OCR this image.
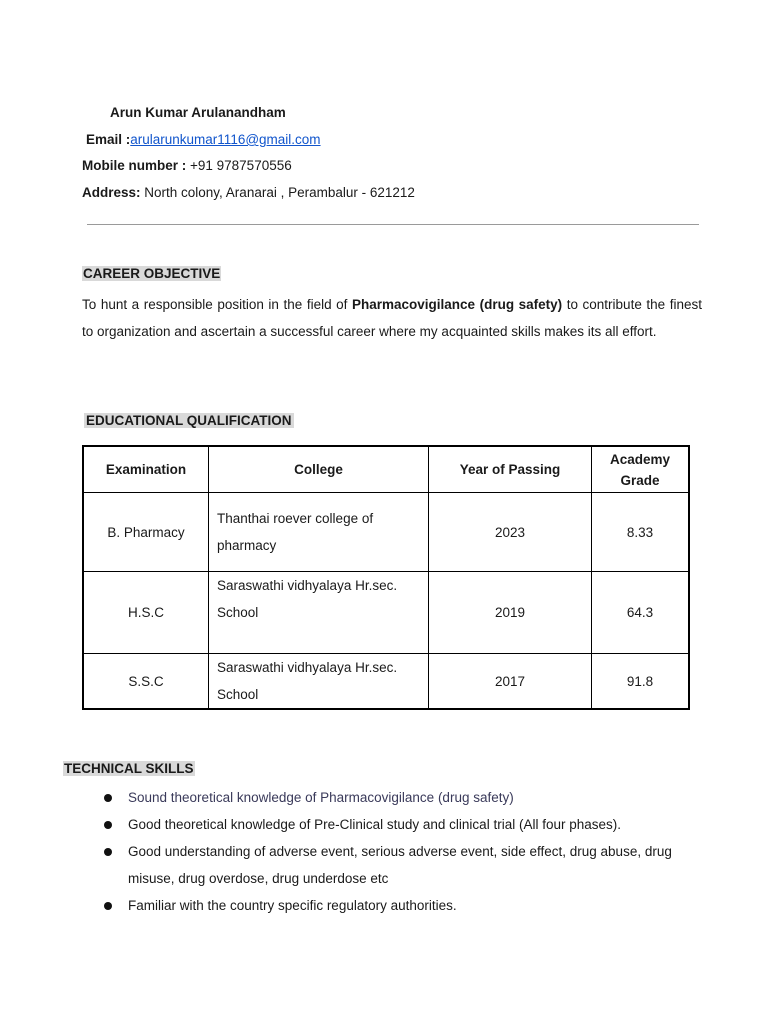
Arun Kumar Arulanandham
Email :arularunkumar1116@gmail.com
Mobile number : +91 9787570556
Address: North colony, Aranarai , Perambalur - 621212
CAREER OBJECTIVE
To hunt a responsible position in the field of Pharmacovigilance (drug safety) to contribute the finest to organization and ascertain a successful career where my acquainted skills makes its all effort.
EDUCATIONAL QUALIFICATION
Examination	College	Year of Passing	Academy Grade
B. Pharmacy	Thanthai roever college of pharmacy	2023	8.33
H.S.C	Saraswathi vidhyalaya Hr.sec. School	2019	64.3
S.S.C	Saraswathi vidhyalaya Hr.sec. School	2017	91.8
TECHNICAL SKILLS
Sound theoretical knowledge of Pharmacovigilance (drug safety)
Good theoretical knowledge of Pre-Clinical study and clinical trial (All four phases).
Good understanding of adverse event, serious adverse event, side effect, drug abuse, drug misuse, drug overdose, drug underdose etc
Familiar with the country specific regulatory authorities.
